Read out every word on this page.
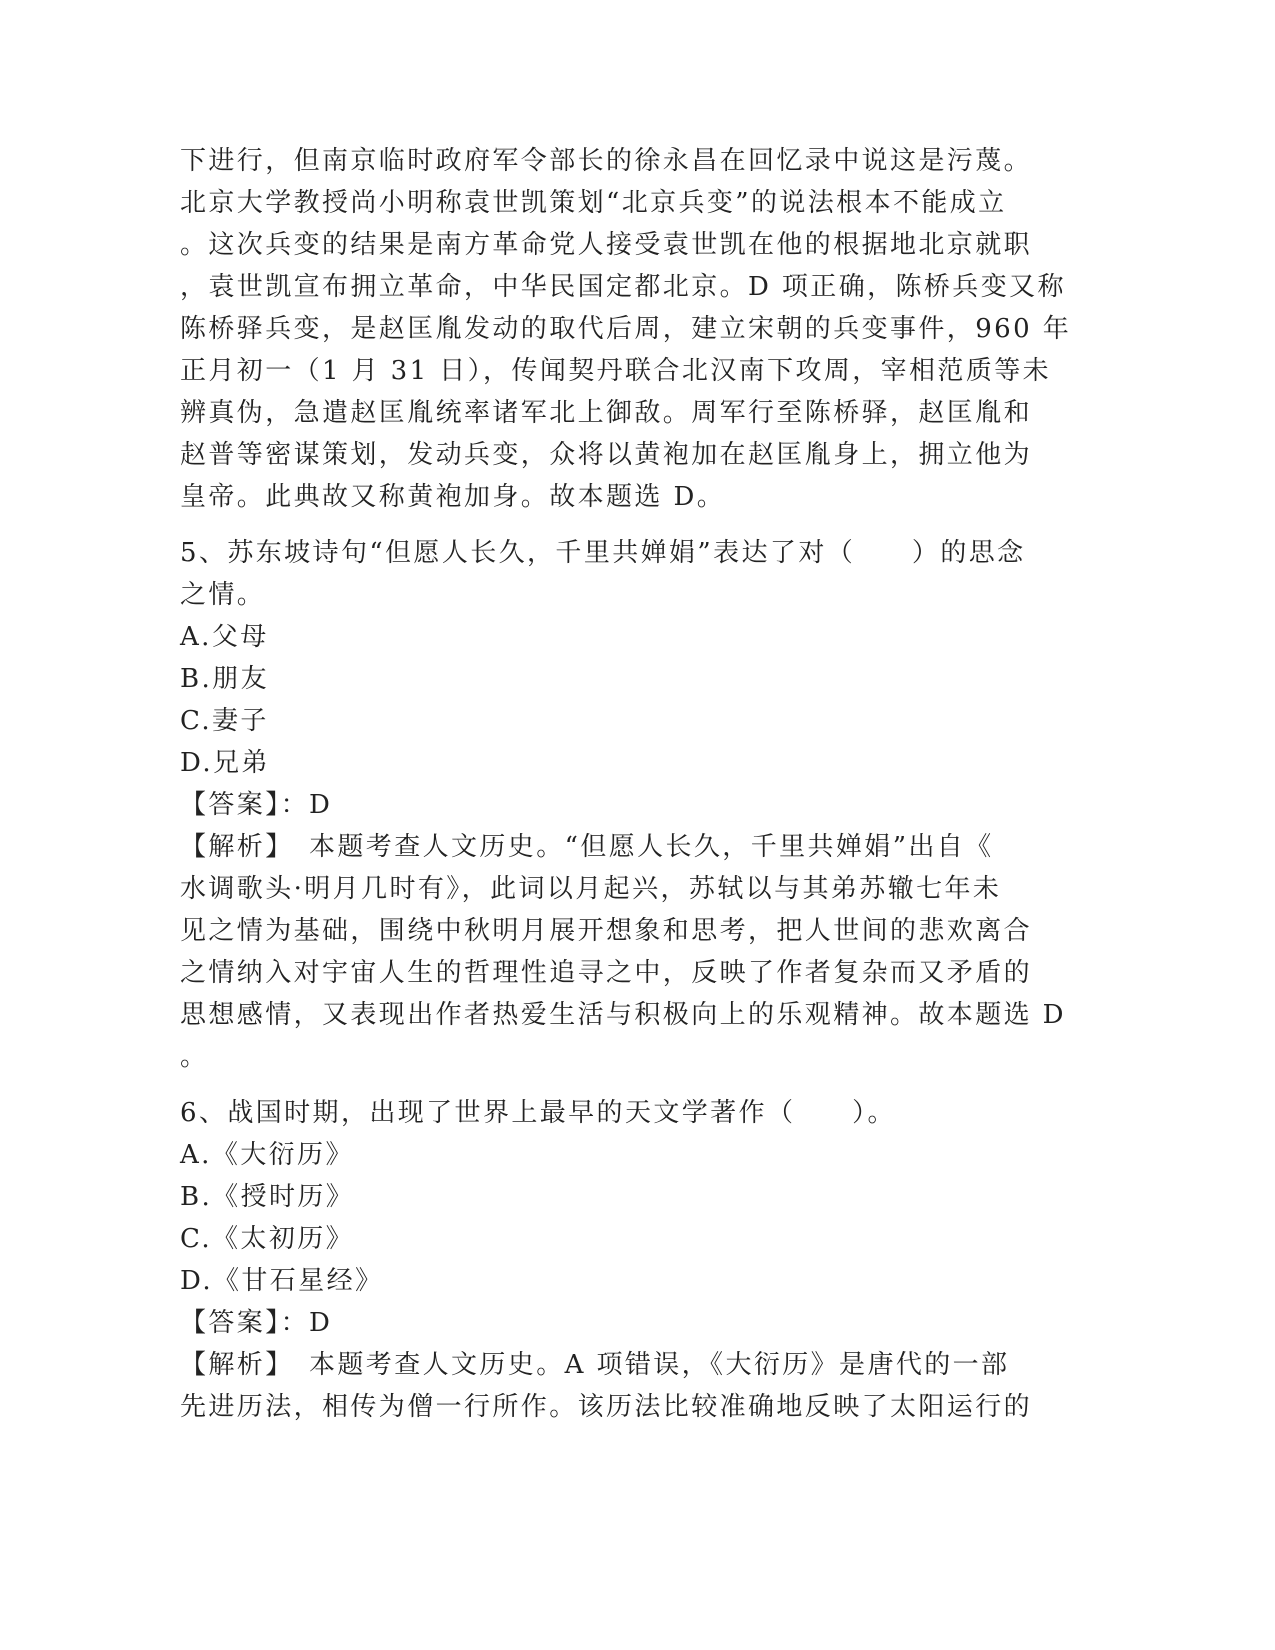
下进行，但南京临时政府军令部长的徐永昌在回忆录中说这是污蔑。
北京大学教授尚小明称袁世凯策划“北京兵变”的说法根本不能成立
。这次兵变的结果是南方革命党人接受袁世凯在他的根据地北京就职
，袁世凯宣布拥立革命，中华民国定都北京。D 项正确，陈桥兵变又称
陈桥驿兵变，是赵匡胤发动的取代后周，建立宋朝的兵变事件，960 年
正月初一（1 月 31 日），传闻契丹联合北汉南下攻周，宰相范质等未
辨真伪，急遣赵匡胤统率诸军北上御敌。周军行至陈桥驿，赵匡胤和
赵普等密谋策划，发动兵变，众将以黄袍加在赵匡胤身上，拥立他为
皇帝。此典故又称黄袍加身。故本题选 D。
5、苏东坡诗句“但愿人长久，千里共婵娟”表达了对（　　）的思念
之情。
A.父母
B.朋友
C.妻子
D.兄弟
【答案】：D
【解析】　本题考查人文历史。“但愿人长久，千里共婵娟”出自《
水调歌头·明月几时有》，此词以月起兴，苏轼以与其弟苏辙七年未
见之情为基础，围绕中秋明月展开想象和思考，把人世间的悲欢离合
之情纳入对宇宙人生的哲理性追寻之中，反映了作者复杂而又矛盾的
思想感情，又表现出作者热爱生活与积极向上的乐观精神。故本题选 D
。
6、战国时期，出现了世界上最早的天文学著作（　　）。
A.《大衍历》
B.《授时历》
C.《太初历》
D.《甘石星经》
【答案】：D
【解析】　本题考查人文历史。A 项错误，《大衍历》是唐代的一部
先进历法，相传为僧一行所作。该历法比较准确地反映了太阳运行的
